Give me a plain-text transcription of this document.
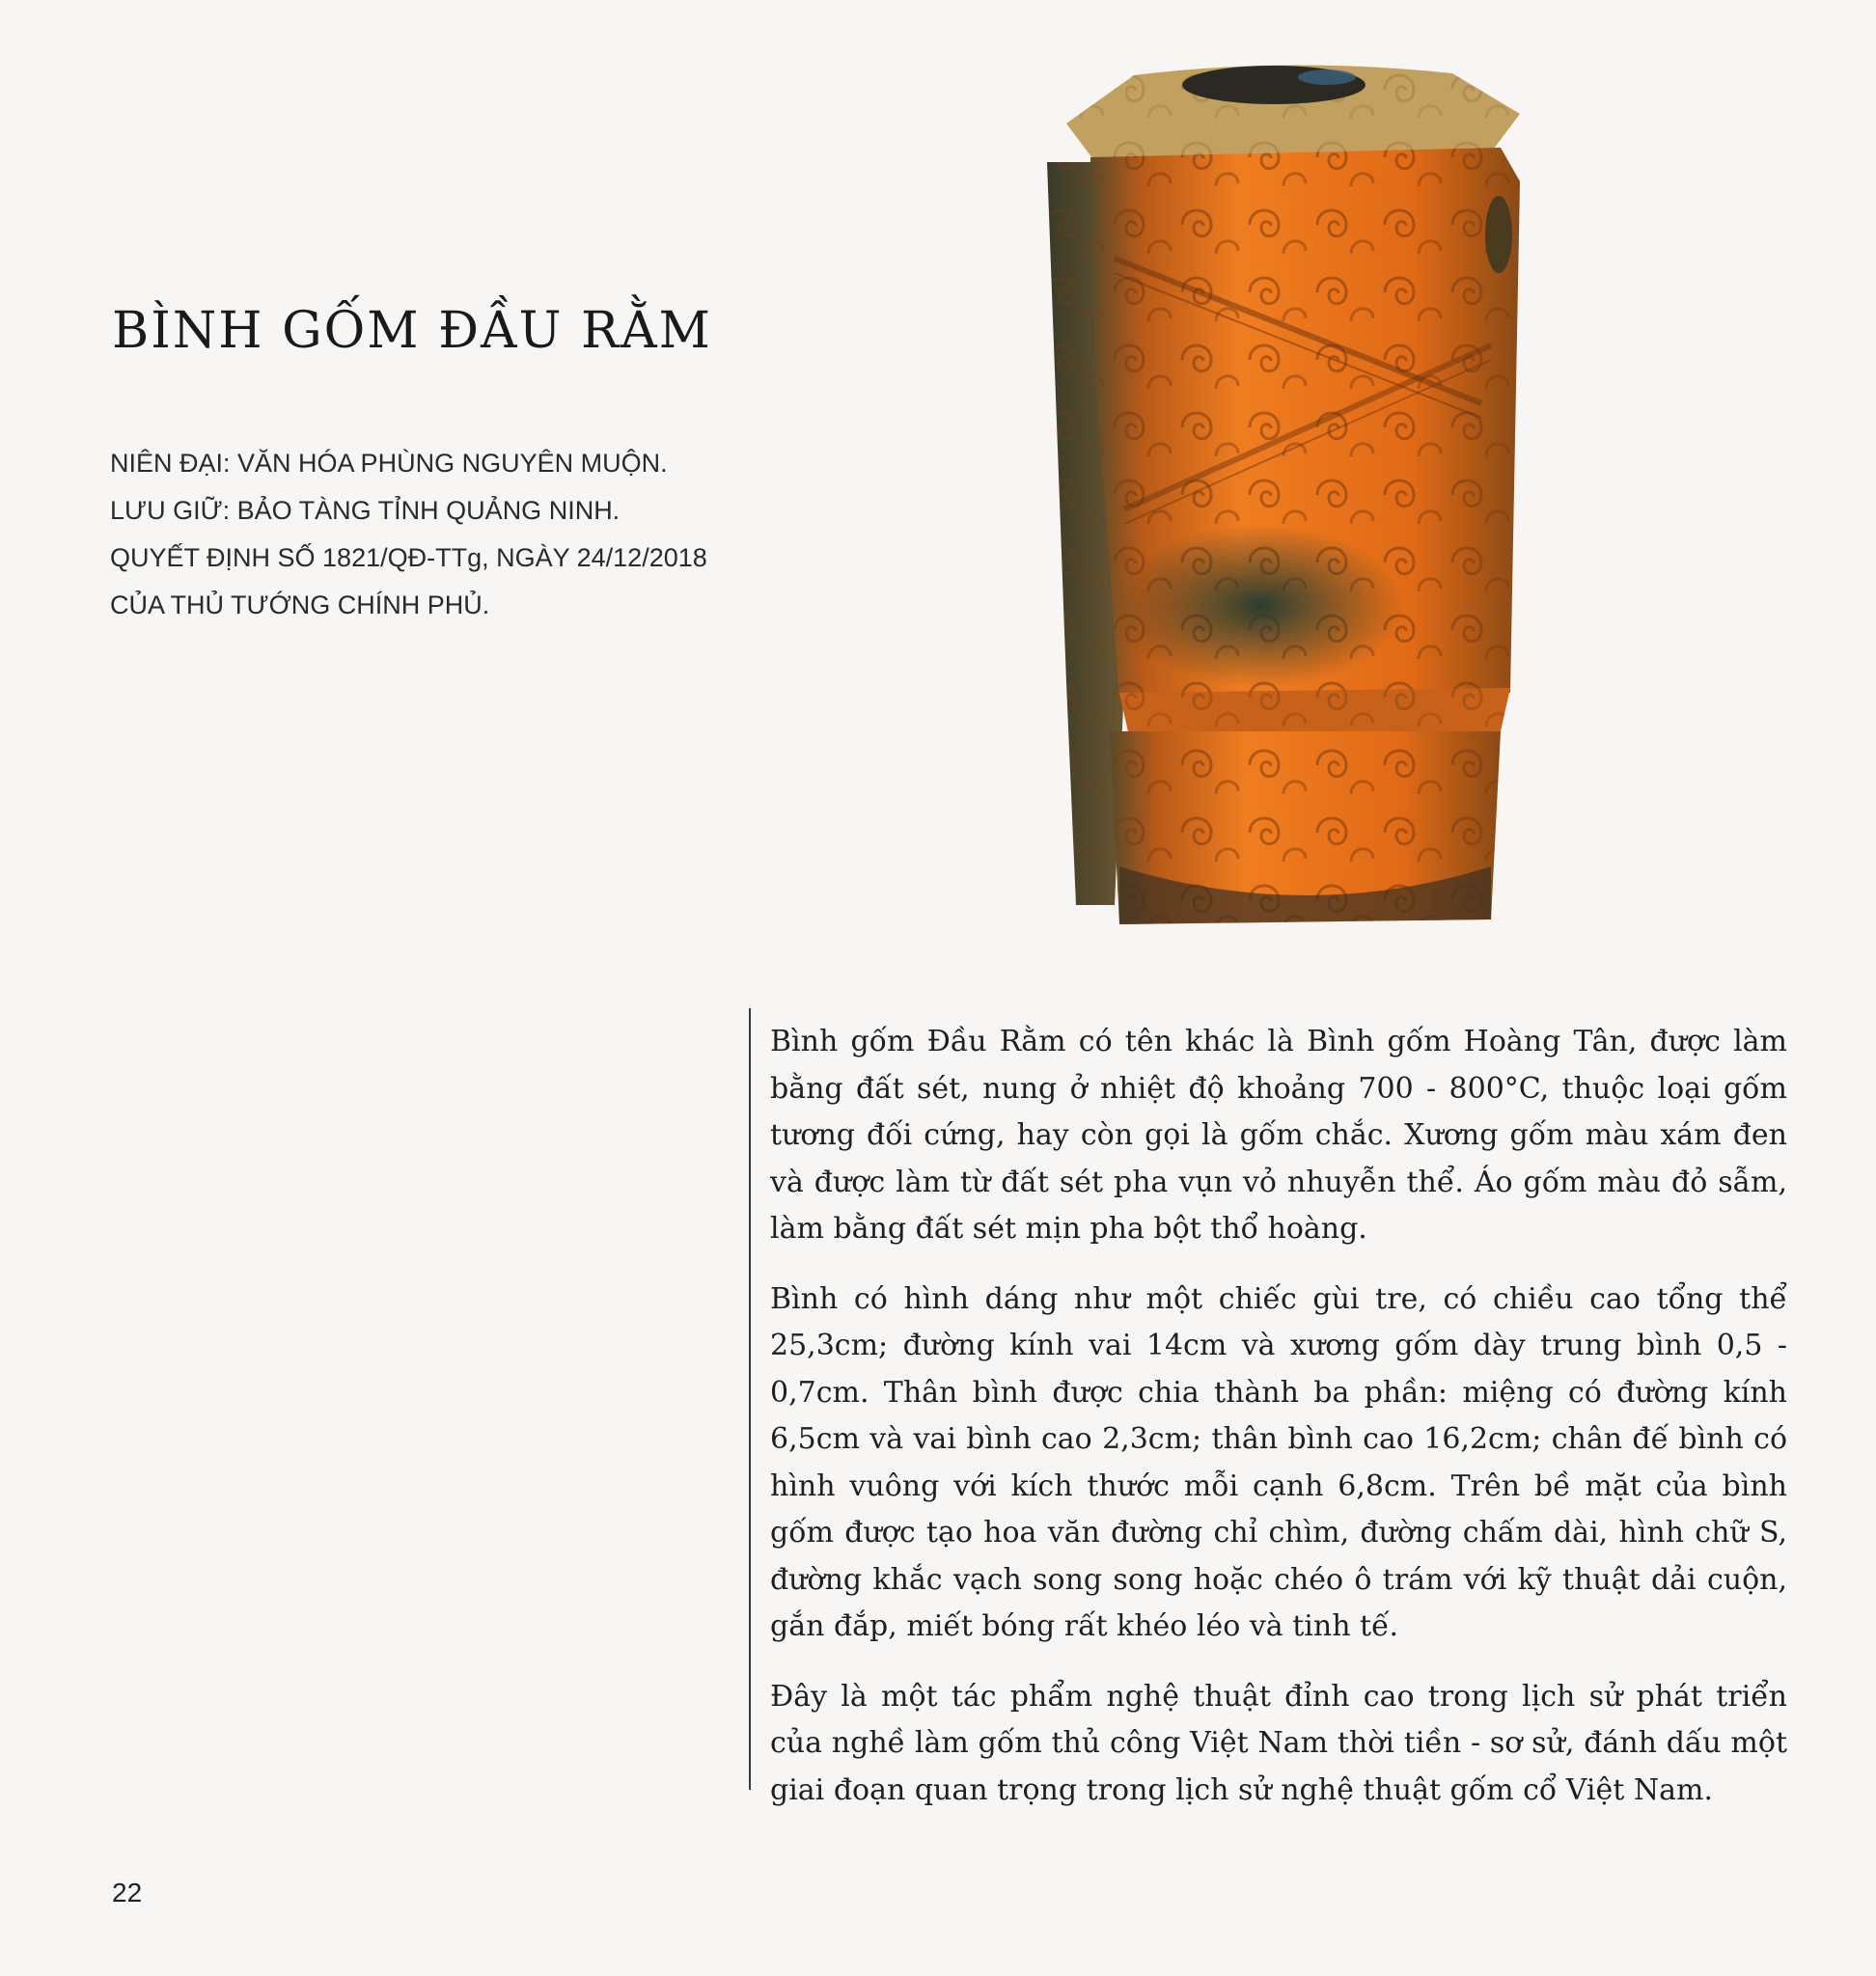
BÌNH GỐM ĐẦU RẰM

NIÊN ĐẠI: VĂN HÓA PHÙNG NGUYÊN MUỘN.

LƯU GIỮ: BẢO TÀNG TỈNH QUẢNG NINH.

QUYẾT ĐỊNH SỐ 1821/QĐ-TTg, NGÀY 24/12/2018

CỦA THỦ TƯỚNG CHÍNH PHỦ.

Bình gốm Đầu Rằm có tên khác là Bình gốm Hoàng Tân, được làm bằng đất sét, nung ở nhiệt độ khoảng 700 - 800°C, thuộc loại gốm tương đối cứng, hay còn gọi là gốm chắc. Xương gốm màu xám đen và được làm từ đất sét pha vụn vỏ nhuyễn thể. Áo gốm màu đỏ sẫm, làm bằng đất sét mịn pha bột thổ hoàng.

Bình có hình dáng như một chiếc gùi tre, có chiều cao tổng thể 25,3cm; đường kính vai 14cm và xương gốm dày trung bình 0,5 - 0,7cm. Thân bình được chia thành ba phần: miệng có đường kính 6,5cm và vai bình cao 2,3cm; thân bình cao 16,2cm; chân đế bình có hình vuông với kích thước mỗi cạnh 6,8cm. Trên bề mặt của bình gốm được tạo hoa văn đường chỉ chìm, đường chấm dài, hình chữ S, đường khắc vạch song song hoặc chéo ô trám với kỹ thuật dải cuộn, gắn đắp, miết bóng rất khéo léo và tinh tế.

Đây là một tác phẩm nghệ thuật đỉnh cao trong lịch sử phát triển của nghề làm gốm thủ công Việt Nam thời tiền - sơ sử, đánh dấu một giai đoạn quan trọng trong lịch sử nghệ thuật gốm cổ Việt Nam.

22
